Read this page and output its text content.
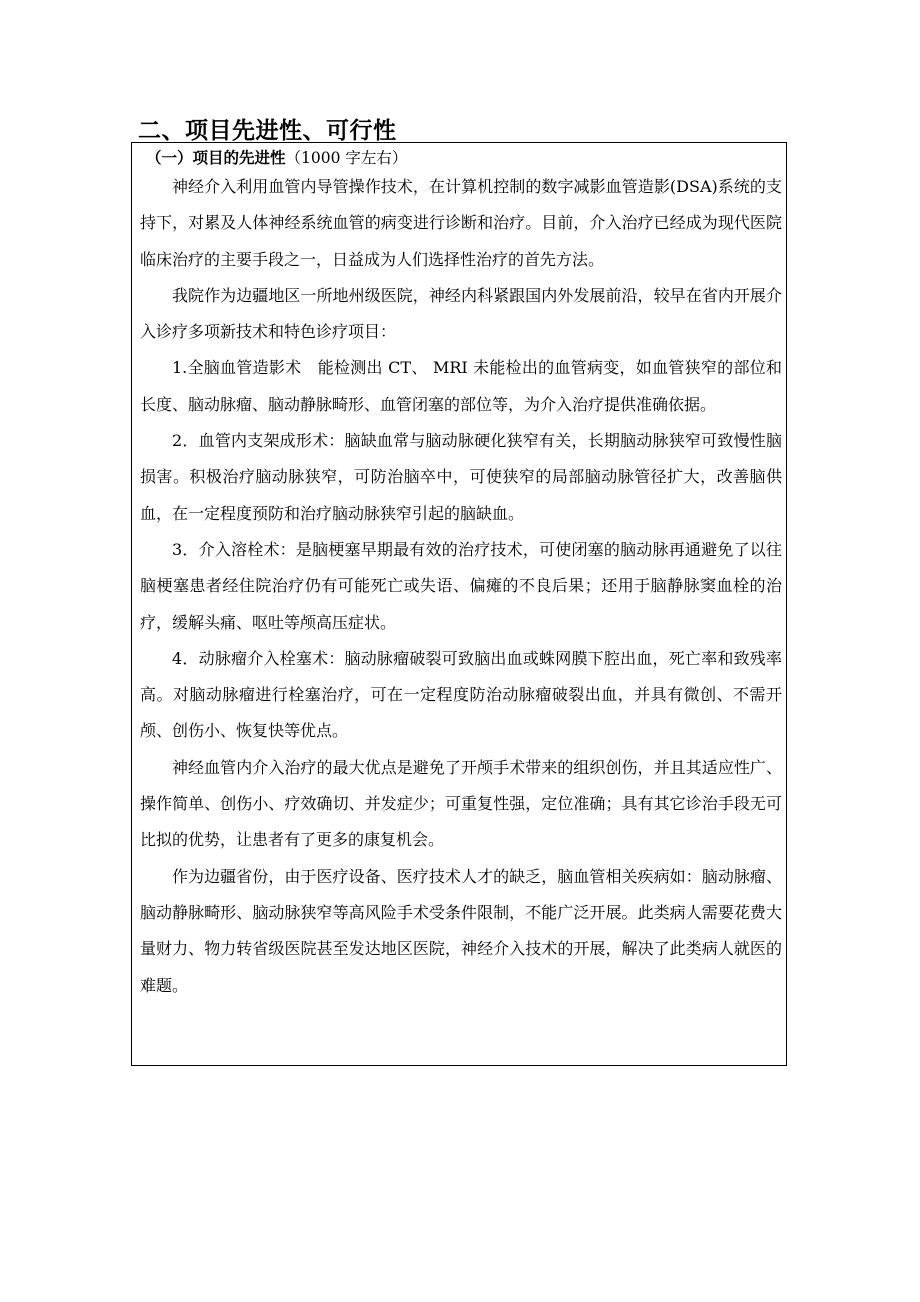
二、项目先进性、可行性
（一）项目的先进性（1000 字左右）

神经介入利用血管内导管操作技术，在计算机控制的数字减影血管造影(DSA)系统的支持下，对累及人体神经系统血管的病变进行诊断和治疗。目前，介入治疗已经成为现代医院临床治疗的主要手段之一，日益成为人们选择性治疗的首先方法。

我院作为边疆地区一所地州级医院，神经内科紧跟国内外发展前沿，较早在省内开展介入诊疗多项新技术和特色诊疗项目：

1.全脑血管造影术　能检测出 CT、 MRI 未能检出的血管病变，如血管狭窄的部位和长度、脑动脉瘤、脑动静脉畸形、血管闭塞的部位等，为介入治疗提供准确依据。

2．血管内支架成形术：脑缺血常与脑动脉硬化狭窄有关，长期脑动脉狭窄可致慢性脑损害。积极治疗脑动脉狭窄，可防治脑卒中，可使狭窄的局部脑动脉管径扩大，改善脑供血，在一定程度预防和治疗脑动脉狭窄引起的脑缺血。

3．介入溶栓术：是脑梗塞早期最有效的治疗技术，可使闭塞的脑动脉再通避免了以往脑梗塞患者经住院治疗仍有可能死亡或失语、偏瘫的不良后果；还用于脑静脉窦血栓的治疗，缓解头痛、呕吐等颅高压症状。

4．动脉瘤介入栓塞术：脑动脉瘤破裂可致脑出血或蛛网膜下腔出血，死亡率和致残率高。对脑动脉瘤进行栓塞治疗，可在一定程度防治动脉瘤破裂出血，并具有微创、不需开颅、创伤小、恢复快等优点。

神经血管内介入治疗的最大优点是避免了开颅手术带来的组织创伤，并且其适应性广、操作简单、创伤小、疗效确切、并发症少；可重复性强，定位准确；具有其它诊治手段无可比拟的优势，让患者有了更多的康复机会。

作为边疆省份，由于医疗设备、医疗技术人才的缺乏，脑血管相关疾病如：脑动脉瘤、脑动静脉畸形、脑动脉狭窄等高风险手术受条件限制，不能广泛开展。此类病人需要花费大量财力、物力转省级医院甚至发达地区医院，神经介入技术的开展，解决了此类病人就医的难题。
